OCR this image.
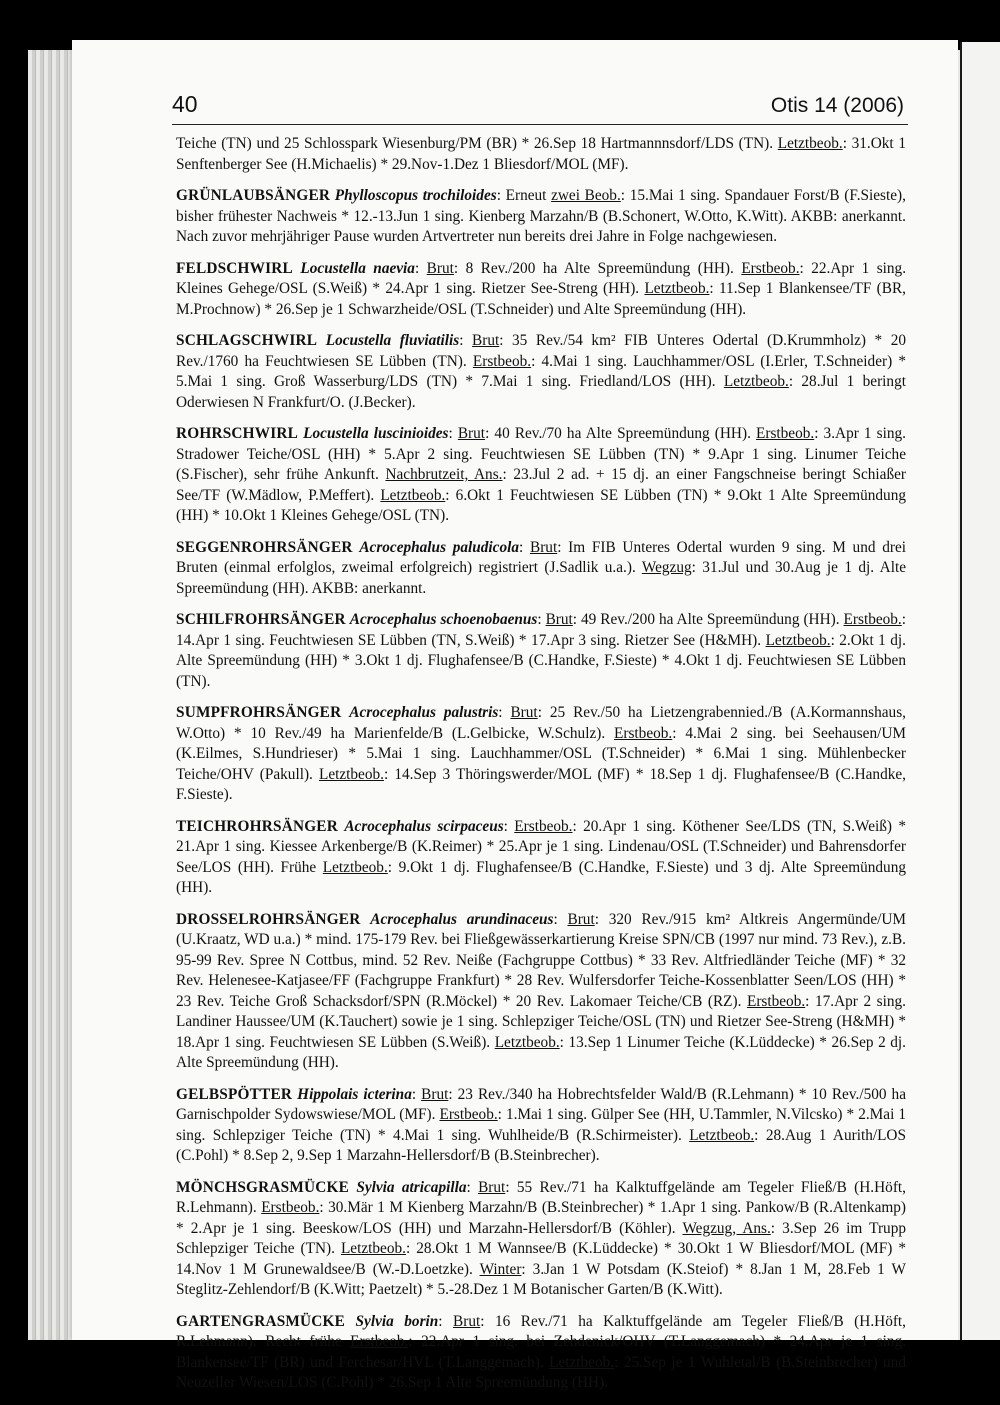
40	Otis 14 (2006)

Teiche (TN) und 25 Schlosspark Wiesenburg/PM (BR) * 26.Sep 18 Hartmannnsdorf/LDS (TN). Letztbeob.: 31.Okt 1 Senftenberger See (H.Michaelis) * 29.Nov-1.Dez 1 Bliesdorf/MOL (MF).

GRÜNLAUBSÄNGER Phylloscopus trochiloides: Erneut zwei Beob.: 15.Mai 1 sing. Spandauer Forst/B (F.Sieste), bisher frühester Nachweis * 12.-13.Jun 1 sing. Kienberg Marzahn/B (B.Schonert, W.Otto, K.Witt). AKBB: anerkannt. Nach zuvor mehrjähriger Pause wurden Artvertreter nun bereits drei Jahre in Folge nachgewiesen.

FELDSCHWIRL Locustella naevia: Brut: 8 Rev./200 ha Alte Spreemündung (HH). Erstbeob.: 22.Apr 1 sing. Kleines Gehege/OSL (S.Weiß) * 24.Apr 1 sing. Rietzer See-Streng (HH). Letztbeob.: 11.Sep 1 Blankensee/TF (BR, M.Prochnow) * 26.Sep je 1 Schwarzheide/OSL (T.Schneider) und Alte Spreemündung (HH).

SCHLAGSCHWIRL Locustella fluviatilis: Brut: 35 Rev./54 km² FIB Unteres Odertal (D.Krummholz) * 20 Rev./1760 ha Feuchtwiesen SE Lübben (TN). Erstbeob.: 4.Mai 1 sing. Lauchhammer/OSL (I.Erler, T.Schneider) * 5.Mai 1 sing. Groß Wasserburg/LDS (TN) * 7.Mai 1 sing. Friedland/LOS (HH). Letztbeob.: 28.Jul 1 beringt Oderwiesen N Frankfurt/O. (J.Becker).

ROHRSCHWIRL Locustella luscinioides: Brut: 40 Rev./70 ha Alte Spreemündung (HH). Erstbeob.: 3.Apr 1 sing. Stradower Teiche/OSL (HH) * 5.Apr 2 sing. Feuchtwiesen SE Lübben (TN) * 9.Apr 1 sing. Linumer Teiche (S.Fischer), sehr frühe Ankunft. Nachbrutzeit, Ans.: 23.Jul 2 ad. + 15 dj. an einer Fangschneise beringt Schiaßer See/TF (W.Mädlow, P.Meffert). Letztbeob.: 6.Okt 1 Feuchtwiesen SE Lübben (TN) * 9.Okt 1 Alte Spreemündung (HH) * 10.Okt 1 Kleines Gehege/OSL (TN).

SEGGENROHRSÄNGER Acrocephalus paludicola: Brut: Im FIB Unteres Odertal wurden 9 sing. M und drei Bruten (einmal erfolglos, zweimal erfolgreich) registriert (J.Sadlik u.a.). Wegzug: 31.Jul und 30.Aug je 1 dj. Alte Spreemündung (HH). AKBB: anerkannt.

SCHILFROHRSÄNGER Acrocephalus schoenobaenus: Brut: 49 Rev./200 ha Alte Spreemündung (HH). Erstbeob.: 14.Apr 1 sing. Feuchtwiesen SE Lübben (TN, S.Weiß) * 17.Apr 3 sing. Rietzer See (H&MH). Letztbeob.: 2.Okt 1 dj. Alte Spreemündung (HH) * 3.Okt 1 dj. Flughafensee/B (C.Handke, F.Sieste) * 4.Okt 1 dj. Feuchtwiesen SE Lübben (TN).

SUMPFROHRSÄNGER Acrocephalus palustris: Brut: 25 Rev./50 ha Lietzengrabennied./B (A.Kormannshaus, W.Otto) * 10 Rev./49 ha Marienfelde/B (L.Gelbicke, W.Schulz). Erstbeob.: 4.Mai 2 sing. bei Seehausen/UM (K.Eilmes, S.Hundrieser) * 5.Mai 1 sing. Lauchhammer/OSL (T.Schneider) * 6.Mai 1 sing. Mühlenbecker Teiche/OHV (Pakull). Letztbeob.: 14.Sep 3 Thöringswerder/MOL (MF) * 18.Sep 1 dj. Flughafensee/B (C.Handke, F.Sieste).

TEICHROHRSÄNGER Acrocephalus scirpaceus: Erstbeob.: 20.Apr 1 sing. Köthener See/LDS (TN, S.Weiß) * 21.Apr 1 sing. Kiessee Arkenberge/B (K.Reimer) * 25.Apr je 1 sing. Lindenau/OSL (T.Schneider) und Bahrensdorfer See/LOS (HH). Frühe Letztbeob.: 9.Okt 1 dj. Flughafensee/B (C.Handke, F.Sieste) und 3 dj. Alte Spreemündung (HH).

DROSSELROHRSÄNGER Acrocephalus arundinaceus: Brut: 320 Rev./915 km² Altkreis Angermünde/UM (U.Kraatz, WD u.a.) * mind. 175-179 Rev. bei Fließgewässerkartierung Kreise SPN/CB (1997 nur mind. 73 Rev.), z.B. 95-99 Rev. Spree N Cottbus, mind. 52 Rev. Neiße (Fachgruppe Cottbus) * 33 Rev. Altfriedländer Teiche (MF) * 32 Rev. Helenesee-Katjasee/FF (Fachgruppe Frankfurt) * 28 Rev. Wulfersdorfer Teiche-Kossenblatter Seen/LOS (HH) * 23 Rev. Teiche Groß Schacksdorf/SPN (R.Möckel) * 20 Rev. Lakomaer Teiche/CB (RZ). Erstbeob.: 17.Apr 2 sing. Landiner Haussee/UM (K.Tauchert) sowie je 1 sing. Schlepziger Teiche/OSL (TN) und Rietzer See-Streng (H&MH) * 18.Apr 1 sing. Feuchtwiesen SE Lübben (S.Weiß). Letztbeob.: 13.Sep 1 Linumer Teiche (K.Lüddecke) * 26.Sep 2 dj. Alte Spreemündung (HH).

GELBSPÖTTER Hippolais icterina: Brut: 23 Rev./340 ha Hobrechtsfelder Wald/B (R.Lehmann) * 10 Rev./500 ha Garnischpolder Sydowswiese/MOL (MF). Erstbeob.: 1.Mai 1 sing. Gülper See (HH, U.Tammler, N.Vilcsko) * 2.Mai 1 sing. Schlepziger Teiche (TN) * 4.Mai 1 sing. Wuhlheide/B (R.Schirmeister). Letztbeob.: 28.Aug 1 Aurith/LOS (C.Pohl) * 8.Sep 2, 9.Sep 1 Marzahn-Hellersdorf/B (B.Steinbrecher).

MÖNCHSGRASMÜCKE Sylvia atricapilla: Brut: 55 Rev./71 ha Kalktuffgelände am Tegeler Fließ/B (H.Höft, R.Lehmann). Erstbeob.: 30.Mär 1 M Kienberg Marzahn/B (B.Steinbrecher) * 1.Apr 1 sing. Pankow/B (R.Altenkamp) * 2.Apr je 1 sing. Beeskow/LOS (HH) und Marzahn-Hellersdorf/B (Köhler). Wegzug, Ans.: 3.Sep 26 im Trupp Schlepziger Teiche (TN). Letztbeob.: 28.Okt 1 M Wannsee/B (K.Lüddecke) * 30.Okt 1 W Bliesdorf/MOL (MF) * 14.Nov 1 M Grunewaldsee/B (W.-D.Loetzke). Winter: 3.Jan 1 W Potsdam (K.Steiof) * 8.Jan 1 M, 28.Feb 1 W Steglitz-Zehlendorf/B (K.Witt; Paetzelt) * 5.-28.Dez 1 M Botanischer Garten/B (K.Witt).

GARTENGRASMÜCKE Sylvia borin: Brut: 16 Rev./71 ha Kalktuffgelände am Tegeler Fließ/B (H.Höft, R.Lehmann). Recht frühe Erstbeob.: 22.Apr 1 sing. bei Zehdenick/OHV (T.Langgemach) * 24.Apr je 1 sing. Blankensee/TF (BR) und Ferchesar/HVL (T.Langgemach). Letztbeob.: 25.Sep je 1 Wuhletal/B (B.Steinbrecher) und Neuzeller Wiesen/LOS (C.Pohl) * 26.Sep 1 Alte Spreemündung (HH).
